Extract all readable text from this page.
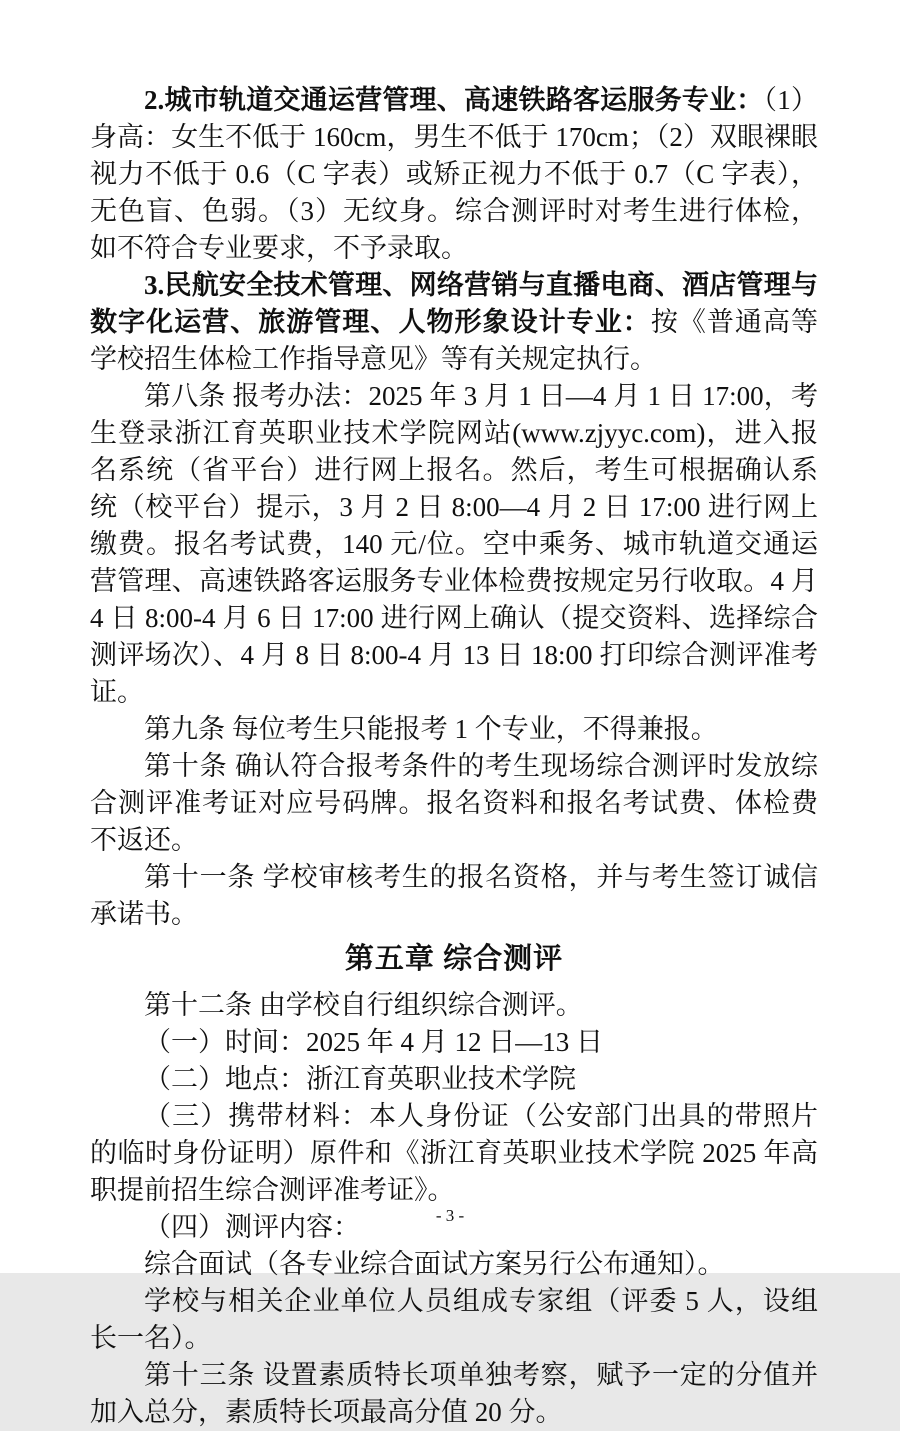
2.城市轨道交通运营管理、高速铁路客运服务专业：（1）身高：女生不低于 160cm，男生不低于 170cm；（2）双眼裸眼视力不低于 0.6（C 字表）或矫正视力不低于 0.7（C 字表），无色盲、色弱。（3）无纹身。综合测评时对考生进行体检，如不符合专业要求，不予录取。

3.民航安全技术管理、网络营销与直播电商、酒店管理与数字化运营、旅游管理、人物形象设计专业：按《普通高等学校招生体检工作指导意见》等有关规定执行。

第八条 报考办法：2025 年 3 月 1 日—4 月 1 日 17:00，考生登录浙江育英职业技术学院网站(www.zjyyc.com)，进入报名系统（省平台）进行网上报名。然后，考生可根据确认系统（校平台）提示，3 月 2 日 8:00—4 月 2 日 17:00 进行网上缴费。报名考试费，140 元/位。空中乘务、城市轨道交通运营管理、高速铁路客运服务专业体检费按规定另行收取。4 月 4 日 8:00-4 月 6 日 17:00 进行网上确认（提交资料、选择综合测评场次）、4 月 8 日 8:00-4 月 13 日 18:00 打印综合测评准考证。

第九条 每位考生只能报考 1 个专业，不得兼报。

第十条 确认符合报考条件的考生现场综合测评时发放综合测评准考证对应号码牌。报名资料和报名考试费、体检费不返还。

第十一条 学校审核考生的报名资格，并与考生签订诚信承诺书。

第五章 综合测评

第十二条 由学校自行组织综合测评。

（一）时间：2025 年 4 月 12 日—13 日

（二）地点：浙江育英职业技术学院

（三）携带材料：本人身份证（公安部门出具的带照片的临时身份证明）原件和《浙江育英职业技术学院 2025 年高职提前招生综合测评准考证》。

（四）测评内容：

综合面试（各专业综合面试方案另行公布通知）。

学校与相关企业单位人员组成专家组（评委 5 人，设组长一名）。

第十三条 设置素质特长项单独考察，赋予一定的分值并加入总分，素质特长项最高分值 20 分。

- 3 -
